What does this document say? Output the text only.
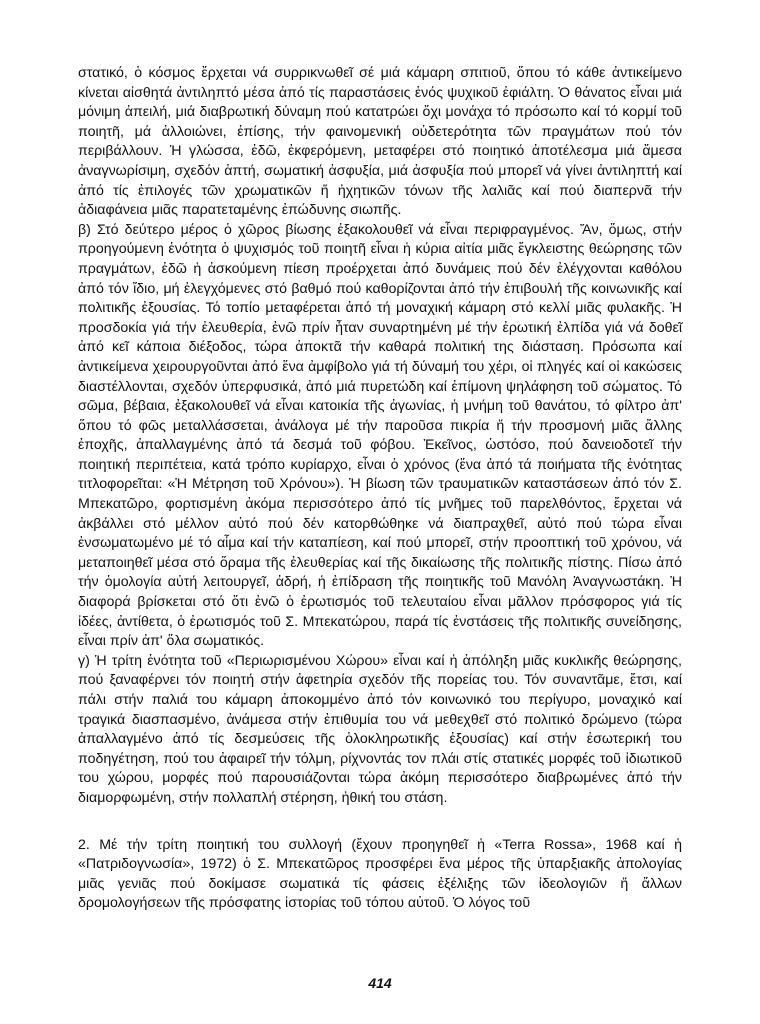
στατικό, ὁ κόσμος ἔρχεται νά συρρικνωθεῖ σέ μιά κάμαρη σπιτιοῦ, ὅπου τό κάθε ἀντικείμενο κίνεται αἰσθητά ἀντιληπτό μέσα ἀπό τίς παραστάσεις ἑνός ψυχικοῦ ἐφιάλτη. Ὁ θάνατος εἶναι μιά μόνιμη ἀπειλή, μιά διαβρωτική δύναμη πού κατατρώει ὄχι μονάχα τό πρόσωπο καί τό κορμί τοῦ ποιητῆ, μά ἀλλοιώνει, ἐπίσης, τήν φαινομενική οὐδετερότητα τῶν πραγμάτων πού τόν περιβάλλουν. Ἡ γλώσσα, ἐδῶ, ἐκφερόμενη, μεταφέρει στό ποιητικό ἀποτέλεσμα μιά ἄμεσα ἀναγνωρίσιμη, σχεδόν ἁπτή, σωματική ἀσφυξία, μιά ἀσφυξία πού μπορεῖ νά γίνει ἀντιληπτή καί ἀπό τίς ἐπιλογές τῶν χρωματικῶν ἤ ἠχητικῶν τόνων τῆς λαλιᾶς καί πού διαπερνᾶ τήν ἀδιαφάνεια μιᾶς παρατεταμένης ἐπώδυνης σιωπῆς.

β) Στό δεύτερο μέρος ὁ χῶρος βίωσης ἐξακολουθεῖ νά εἶναι περιφραγμένος. Ἄν, ὅμως, στήν προηγούμενη ἑνότητα ὁ ψυχισμός τοῦ ποιητῆ εἶναι ἡ κύρια αἰτία μιᾶς ἔγκλειστης θεώρησης τῶν πραγμάτων, ἐδῶ ἡ ἀσκούμενη πίεση προέρχεται ἀπό δυνάμεις πού δέν ἐλέγχονται καθόλου ἀπό τόν ἴδιο, μή ἐλεγχόμενες στό βαθμό πού καθορίζονται ἀπό τήν ἐπιβουλή τῆς κοινωνικῆς καί πολιτικῆς ἐξουσίας. Τό τοπίο μεταφέρεται ἀπό τή μοναχική κάμαρη στό κελλί μιᾶς φυλακῆς. Ἡ προσδοκία γιά τήν ἐλευθερία, ἐνῶ πρίν ἦταν συναρτημένη μέ τήν ἐρωτική ἐλπίδα γιά νά δοθεῖ ἀπό κεῖ κάποια διέξοδος, τώρα ἀποκτᾶ τήν καθαρά πολιτική της διάσταση. Πρόσωπα καί ἀντικείμενα χειρουργοῦνται ἀπό ἕνα ἀμφίβολο γιά τή δύναμή του χέρι, οἱ πληγές καί οἱ κακώσεις διαστέλλονται, σχεδόν ὑπερφυσικά, ἀπό μιά πυρετώδη καί ἐπίμονη ψηλάφηση τοῦ σώματος. Τό σῶμα, βέβαια, ἐξακολουθεῖ νά εἶναι κατοικία τῆς ἀγωνίας, ἡ μνήμη τοῦ θανάτου, τό φίλτρο ἀπ' ὅπου τό φῶς μεταλλάσσεται, ἀνάλογα μέ τήν παροῦσα πικρία ἤ τήν προσμονή μιᾶς ἄλλης ἐποχῆς, ἀπαλλαγμένης ἀπό τά δεσμά τοῦ φόβου. Ἐκεῖνος, ὡστόσο, πού δανειοδοτεῖ τήν ποιητική περιπέτεια, κατά τρόπο κυρίαρχο, εἶναι ὁ χρόνος (ἕνα ἀπό τά ποιήματα τῆς ἑνότητας τιτλοφορεῖται: «Ἡ Μέτρηση τοῦ Χρόνου»). Ἡ βίωση τῶν τραυματικῶν καταστάσεων ἀπό τόν Σ. Μπεκατῶρο, φορτισμένη ἀκόμα περισσότερο ἀπό τίς μνῆμες τοῦ παρελθόντος, ἔρχεται νά ἀκβάλλει στό μέλλον αὐτό πού δέν κατορθώθηκε νά διαπραχθεῖ, αὐτό πού τώρα εἶναι ἐνσωματωμένο μέ τό αἷμα καί τήν καταπίεση, καί πού μπορεῖ, στήν προοπτική τοῦ χρόνου, νά μεταποιηθεῖ μέσα στό ὅραμα τῆς ἐλευθερίας καί τῆς δικαίωσης τῆς πολιτικῆς πίστης. Πίσω ἀπό τήν ὁμολογία αὐτή λειτουργεῖ, ἀδρή, ἡ ἐπίδραση τῆς ποιητικῆς τοῦ Μανόλη Ἀναγνωστάκη. Ἡ διαφορά βρίσκεται στό ὅτι ἐνῶ ὁ ἐρωτισμός τοῦ τελευταίου εἶναι μᾶλλον πρόσφορος γιά τίς ἰδέες, ἀντίθετα, ὁ ἐρωτισμός τοῦ Σ. Μπεκατώρου, παρά τίς ἐνστάσεις τῆς πολιτικῆς συνείδησης, εἶναι πρίν ἀπ' ὅλα σωματικός.

γ) Ἡ τρίτη ἑνότητα τοῦ «Περιωρισμένου Χώρου» εἶναι καί ἡ ἀπόληξη μιᾶς κυκλικῆς θεώρησης, πού ξαναφέρνει τόν ποιητή στήν ἀφετηρία σχεδόν τῆς πορείας του. Τόν συναντᾶμε, ἔτσι, καί πάλι στήν παλιά του κάμαρη ἀποκομμένο ἀπό τόν κοινωνικό του περίγυρο, μοναχικό καί τραγικά διασπασμένο, ἀνάμεσα στήν ἐπιθυμία του νά μεθεχθεῖ στό πολιτικό δρώμενο (τώρα ἀπαλλαγμένο ἀπό τίς δεσμεύσεις τῆς ὁλοκληρωτικῆς ἐξουσίας) καί στήν ἐσωτερική του ποδηγέτηση, πού του ἀφαιρεῖ τήν τόλμη, ρίχνοντάς τον πλάι στίς στατικές μορφές τοῦ ἰδιωτικοῦ του χώρου, μορφές πού παρουσιάζονται τώρα ἀκόμη περισσότερο διαβρωμένες ἀπό τήν διαμορφωμένη, στήν πολλαπλή στέρηση, ἠθική του στάση.

2. Μέ τήν τρίτη ποιητική του συλλογή (ἔχουν προηγηθεῖ ἡ «Terra Rossa», 1968 καί ἡ «Πατριδογνωσία», 1972) ὁ Σ. Μπεκατῶρος προσφέρει ἕνα μέρος τῆς ὑπαρξιακῆς ἀπολογίας μιᾶς γενιᾶς πού δοκίμασε σωματικά τίς φάσεις ἐξέλιξης τῶν ἰδεολογιῶν ἤ ἄλλων δρομολογήσεων τῆς πρόσφατης ἱστορίας τοῦ τόπου αὐτοῦ. Ὁ λόγος τοῦ

414
